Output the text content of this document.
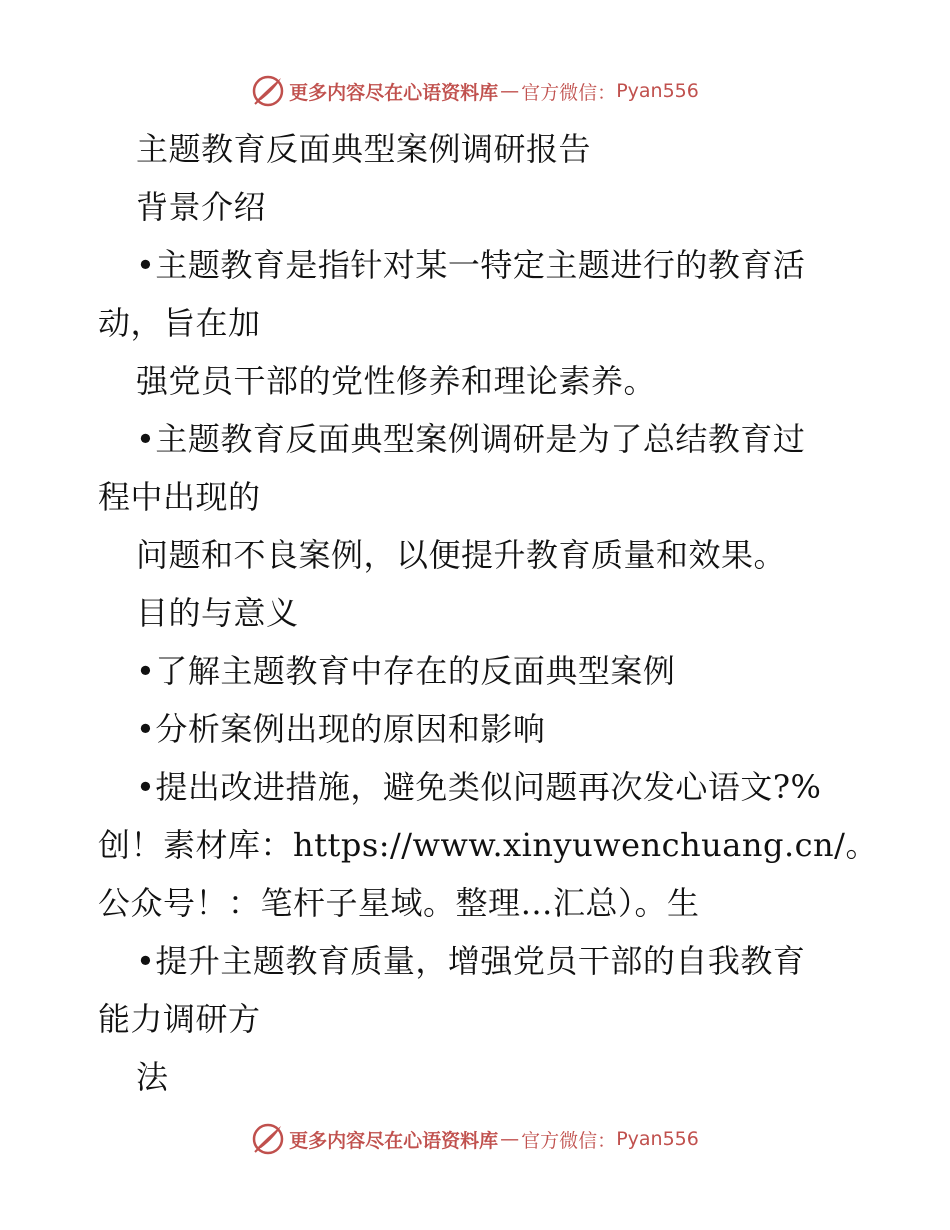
更多内容尽在心语资料库 — 官方微信： Pyan556
主题教育反面典型案例调研报告
背景介绍
•主题教育是指针对某一特定主题进行的教育活
动，旨在加
强党员干部的党性修养和理论素养。
•主题教育反面典型案例调研是为了总结教育过
程中出现的
问题和不良案例，以便提升教育质量和效果。
目的与意义
•了解主题教育中存在的反面典型案例
•分析案例出现的原因和影响
•提出改进措施，避免类似问题再次发心语文?%
创！素材库：https://www.xinyuwenchuang.cn/。
公众号！：笔杆子星域。整理…汇总）。生
•提升主题教育质量，增强党员干部的自我教育
能力调研方
法
更多内容尽在心语资料库 — 官方微信： Pyan556
